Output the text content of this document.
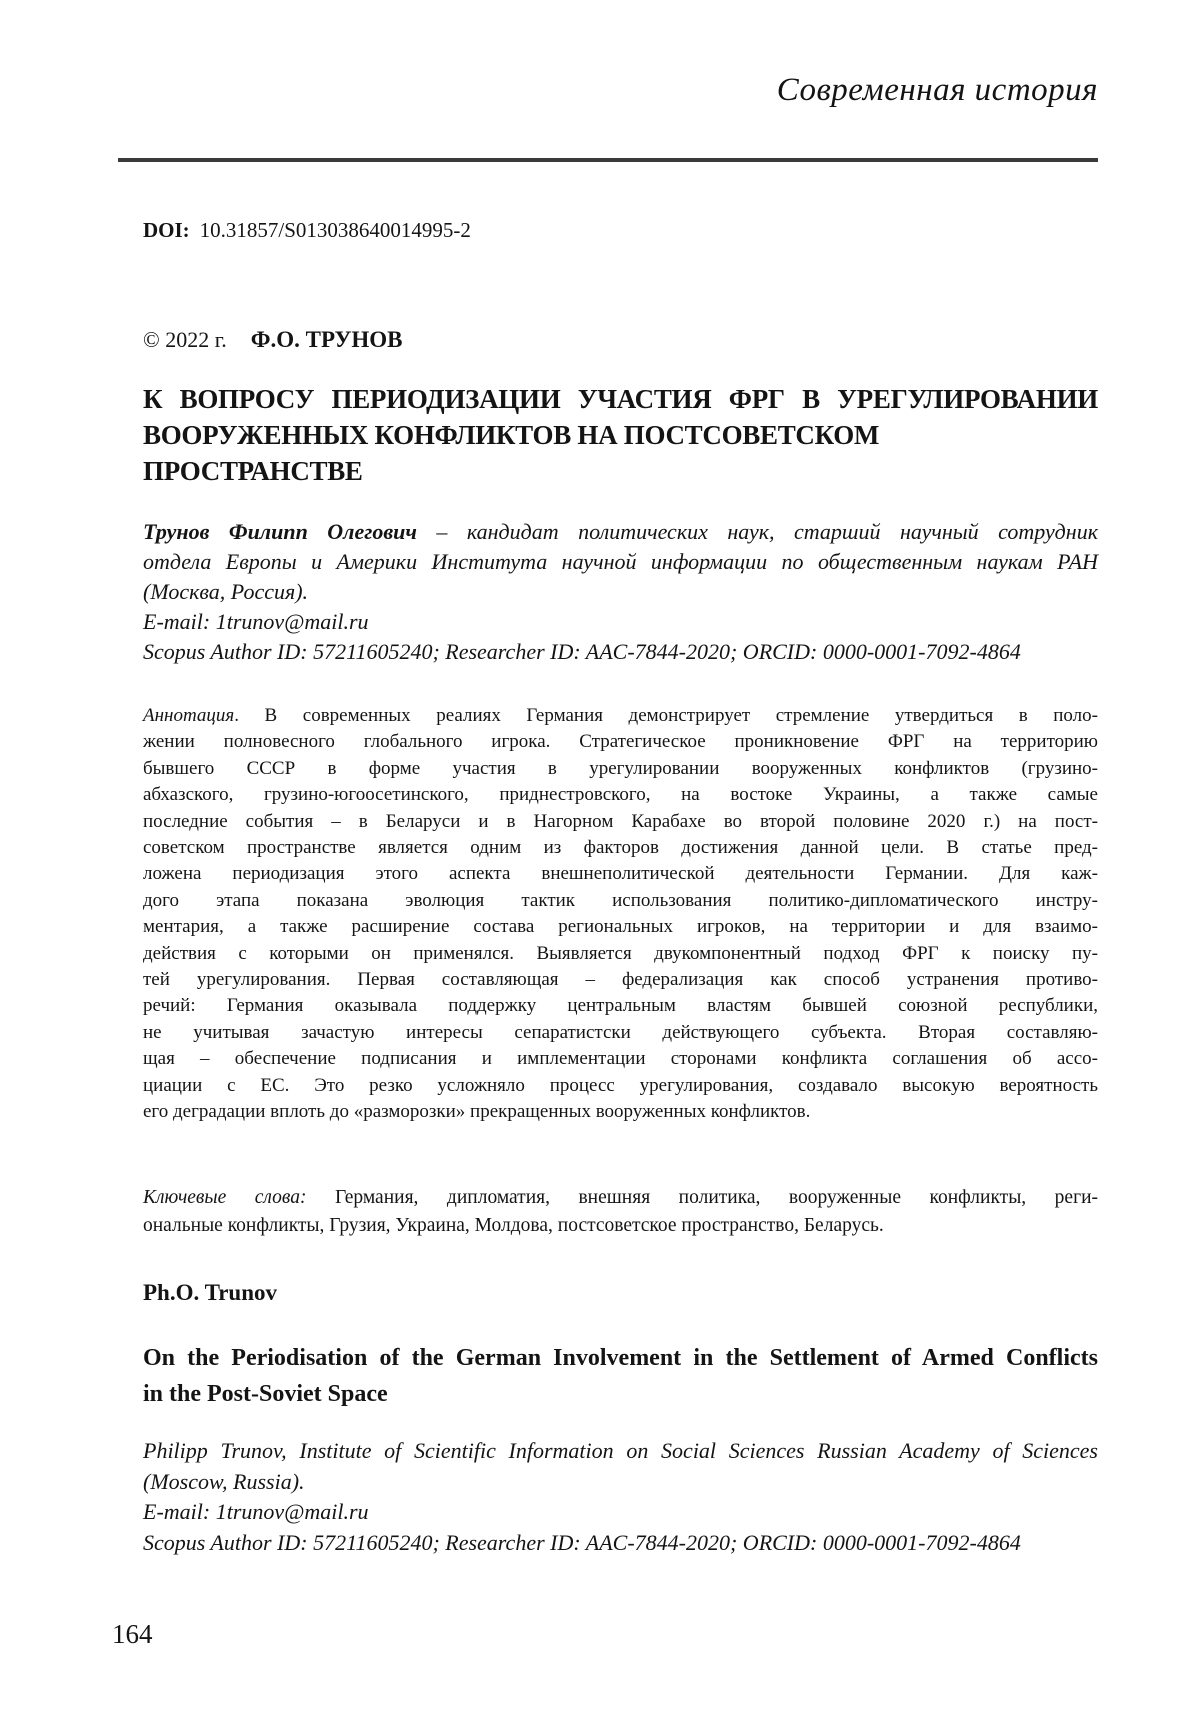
Современная история
DOI: 10.31857/S013038640014995-2
© 2022 г. Ф.О. ТРУНОВ
К ВОПРОСУ ПЕРИОДИЗАЦИИ УЧАСТИЯ ФРГ В УРЕГУЛИРОВАНИИ
ВООРУЖЕННЫХ КОНФЛИКТОВ НА ПОСТСОВЕТСКОМ
ПРОСТРАНСТВЕ
Трунов Филипп Олегович – кандидат политических наук, старший научный сотрудник
отдела Европы и Америки Института научной информации по общественным наукам РАН
(Москва, Россия).
E-mail: 1trunov@mail.ru
Scopus Author ID: 57211605240; Researcher ID: AAC-7844-2020; ORCID: 0000-0001-7092-4864
Аннотация. В современных реалиях Германия демонстрирует стремление утвердиться в поло-
жении полновесного глобального игрока. Стратегическое проникновение ФРГ на территорию
бывшего СССР в форме участия в урегулировании вооруженных конфликтов (грузино-
абхазского, грузино-югоосетинского, приднестровского, на востоке Украины, а также самые
последние события – в Беларуси и в Нагорном Карабахе во второй половине 2020 г.) на пост-
советском пространстве является одним из факторов достижения данной цели. В статье пред-
ложена периодизация этого аспекта внешнеполитической деятельности Германии. Для каж-
дого этапа показана эволюция тактик использования политико-дипломатического инстру-
ментария, а также расширение состава региональных игроков, на территории и для взаимо-
действия с которыми он применялся. Выявляется двукомпонентный подход ФРГ к поиску пу-
тей урегулирования. Первая составляющая – федерализация как способ устранения противо-
речий: Германия оказывала поддержку центральным властям бывшей союзной республики,
не учитывая зачастую интересы сепаратистски действующего субъекта. Вторая составляю-
щая – обеспечение подписания и имплементации сторонами конфликта соглашения об ассо-
циации с ЕС. Это резко усложняло процесс урегулирования, создавало высокую вероятность
его деградации вплоть до «разморозки» прекращенных вооруженных конфликтов.
Ключевые слова: Германия, дипломатия, внешняя политика, вооруженные конфликты, реги-
ональные конфликты, Грузия, Украина, Молдова, постсоветское пространство, Беларусь.
Ph.O. Trunov
On the Periodisation of the German Involvement in the Settlement of Armed Conflicts
in the Post-Soviet Space
Philipp Trunov, Institute of Scientific Information on Social Sciences Russian Academy of Sciences
(Moscow, Russia).
E-mail: 1trunov@mail.ru
Scopus Author ID: 57211605240; Researcher ID: AAC-7844-2020; ORCID: 0000-0001-7092-4864
164
